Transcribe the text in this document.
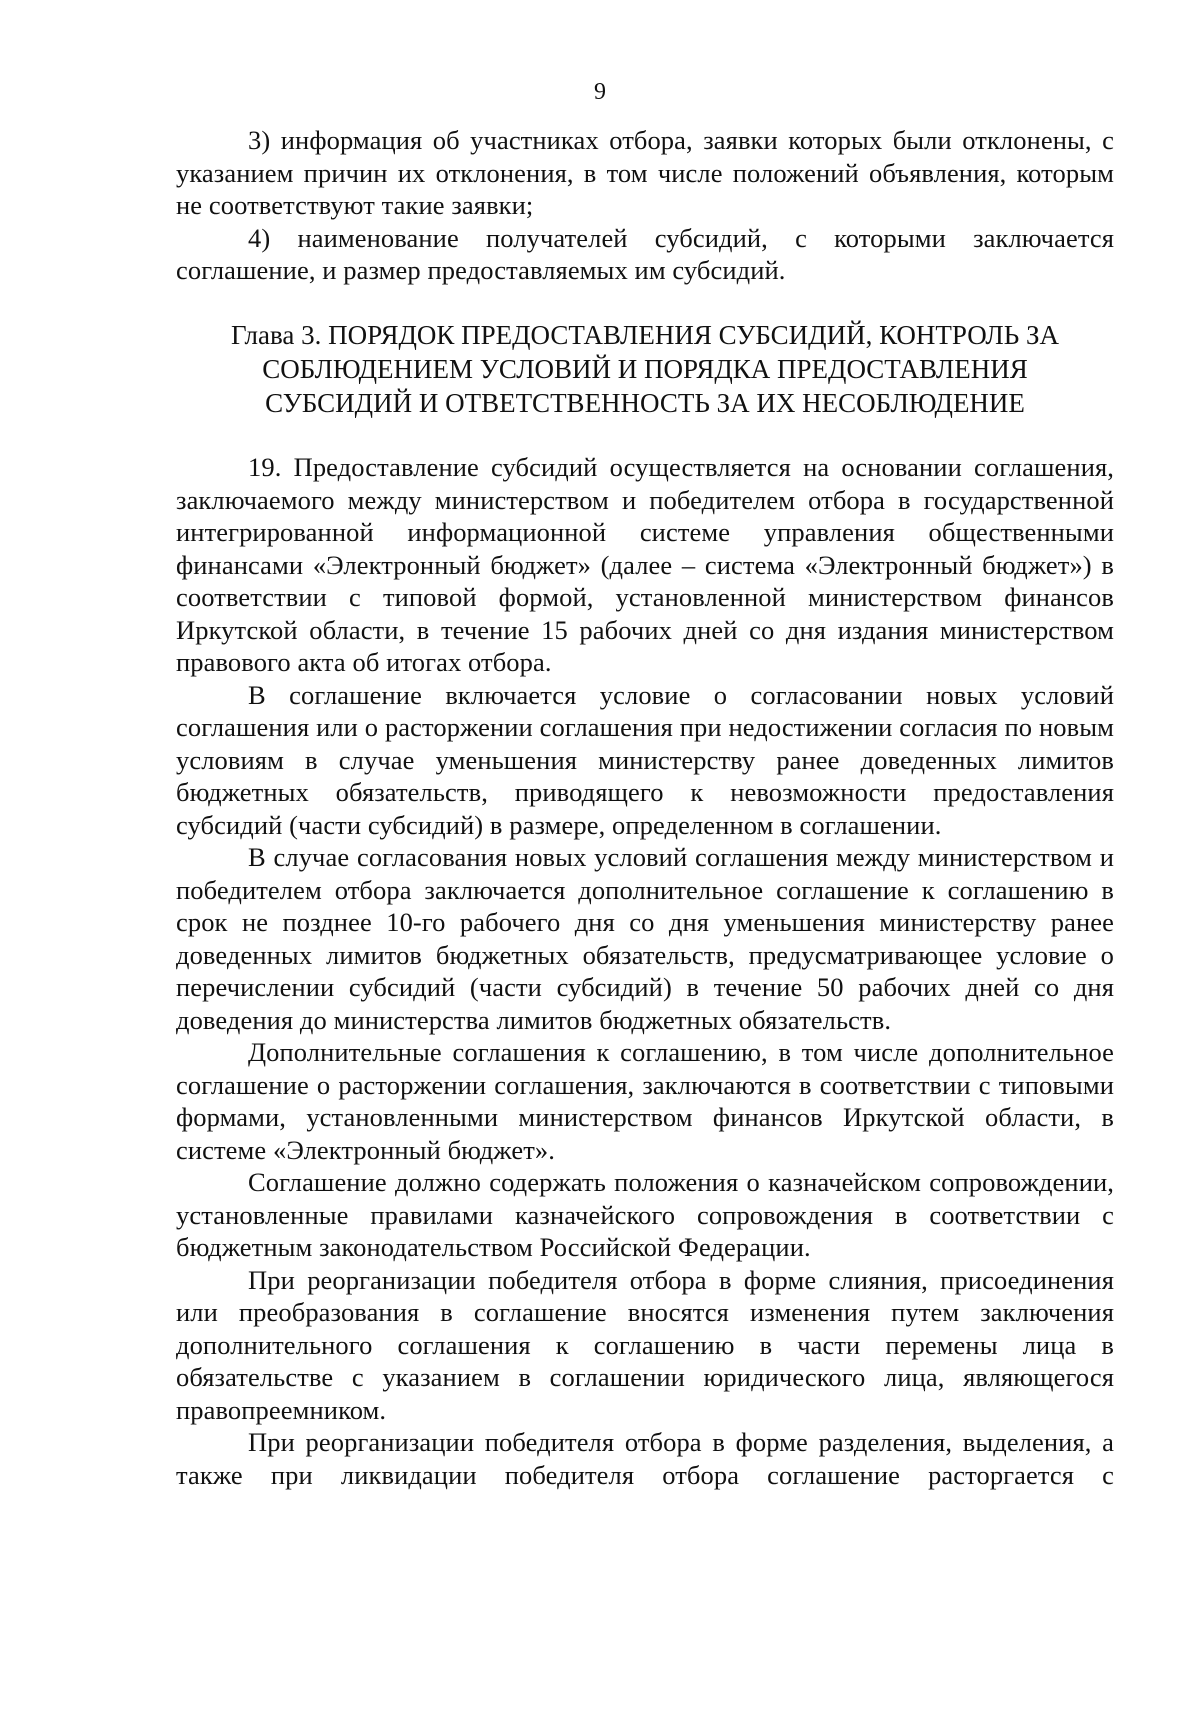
9

3) информация об участниках отбора, заявки которых были отклонены, с указанием причин их отклонения, в том числе положений объявления, которым не соответствуют такие заявки;

4) наименование получателей субсидий, с которыми заключается соглашение, и размер предоставляемых им субсидий.

Глава 3. ПОРЯДОК ПРЕДОСТАВЛЕНИЯ СУБСИДИЙ, КОНТРОЛЬ ЗА
СОБЛЮДЕНИЕМ УСЛОВИЙ И ПОРЯДКА ПРЕДОСТАВЛЕНИЯ
СУБСИДИЙ И ОТВЕТСТВЕННОСТЬ ЗА ИХ НЕСОБЛЮДЕНИЕ

19. Предоставление субсидий осуществляется на основании соглашения, заключаемого между министерством и победителем отбора в государственной интегрированной информационной системе управления общественными финансами «Электронный бюджет» (далее – система «Электронный бюджет») в соответствии с типовой формой, установленной министерством финансов Иркутской области, в течение 15 рабочих дней со дня издания министерством правового акта об итогах отбора.

В соглашение включается условие о согласовании новых условий соглашения или о расторжении соглашения при недостижении согласия по новым условиям в случае уменьшения министерству ранее доведенных лимитов бюджетных обязательств, приводящего к невозможности предоставления субсидий (части субсидий) в размере, определенном в соглашении.

В случае согласования новых условий соглашения между министерством и победителем отбора заключается дополнительное соглашение к соглашению в срок не позднее 10-го рабочего дня со дня уменьшения министерству ранее доведенных лимитов бюджетных обязательств, предусматривающее условие о перечислении субсидий (части субсидий) в течение 50 рабочих дней со дня доведения до министерства лимитов бюджетных обязательств.

Дополнительные соглашения к соглашению, в том числе дополнительное соглашение о расторжении соглашения, заключаются в соответствии с типовыми формами, установленными министерством финансов Иркутской области, в системе «Электронный бюджет».

Соглашение должно содержать положения о казначейском сопровождении, установленные правилами казначейского сопровождения в соответствии с бюджетным законодательством Российской Федерации.

При реорганизации победителя отбора в форме слияния, присоединения или преобразования в соглашение вносятся изменения путем заключения дополнительного соглашения к соглашению в части перемены лица в обязательстве с указанием в соглашении юридического лица, являющегося правопреемником.

При реорганизации победителя отбора в форме разделения, выделения, а также при ликвидации победителя отбора соглашение расторгается с
